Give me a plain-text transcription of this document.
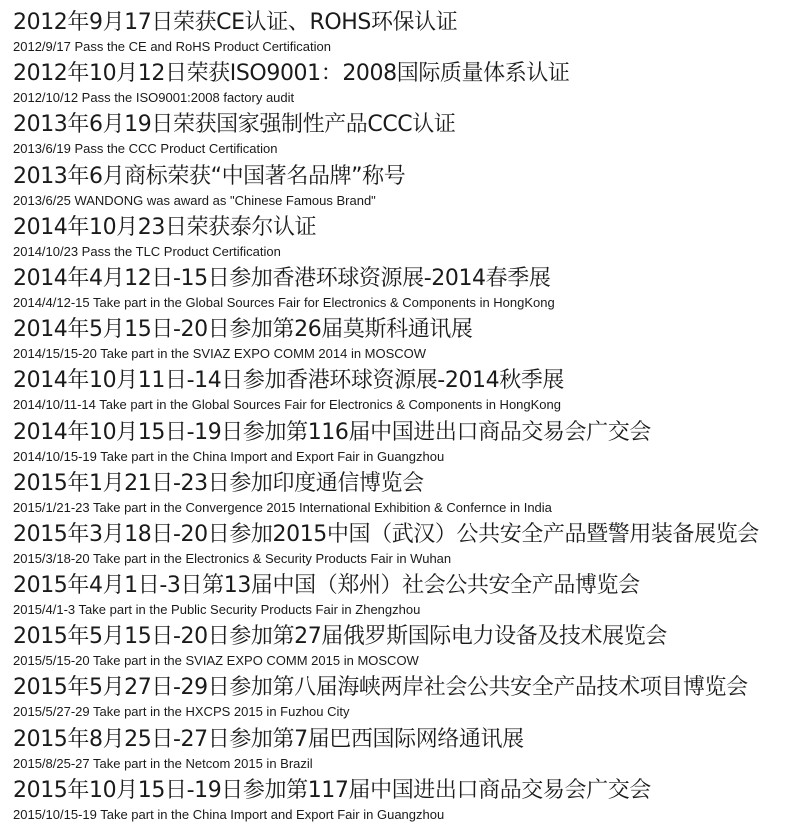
2012年9月17日荣获CE认证、ROHS环保认证
2012/9/17 Pass the CE and RoHS Product Certification
2012年10月12日荣获ISO9001：2008国际质量体系认证
2012/10/12 Pass the ISO9001:2008 factory audit
2013年6月19日荣获国家强制性产品CCC认证
2013/6/19 Pass the CCC Product Certification
2013年6月商标荣获“中国著名品牌”称号
2013/6/25 WANDONG was award as "Chinese Famous Brand"
2014年10月23日荣获泰尔认证
2014/10/23 Pass the TLC Product Certification
2014年4月12日-15日参加香港环球资源展-2014春季展
2014/4/12-15 Take part in the Global Sources Fair for Electronics & Components in HongKong
2014年5月15日-20日参加第26届莫斯科通讯展
2014/15/15-20 Take part in the SVIAZ EXPO COMM 2014 in MOSCOW
2014年10月11日-14日参加香港环球资源展-2014秋季展
2014/10/11-14 Take part in the Global Sources Fair for Electronics & Components in HongKong
2014年10月15日-19日参加第116届中国进出口商品交易会广交会
2014/10/15-19 Take part in the China Import and Export Fair in Guangzhou
2015年1月21日-23日参加印度通信博览会
2015/1/21-23 Take part in the Convergence 2015 International Exhibition & Confernce in India
2015年3月18日-20日参加2015中国（武汉）公共安全产品暨警用装备展览会
2015/3/18-20 Take part in the Electronics & Security Products Fair in Wuhan
2015年4月1日-3日第13届中国（郑州）社会公共安全产品博览会
2015/4/1-3 Take part in the Public Security Products Fair in Zhengzhou
2015年5月15日-20日参加第27届俄罗斯国际电力设备及技术展览会
2015/5/15-20 Take part in the SVIAZ EXPO COMM 2015 in MOSCOW
2015年5月27日-29日参加第八届海峡两岸社会公共安全产品技术项目博览会
2015/5/27-29 Take part in the HXCPS 2015 in Fuzhou City
2015年8月25日-27日参加第7届巴西国际网络通讯展
2015/8/25-27 Take part in the Netcom 2015 in Brazil
2015年10月15日-19日参加第117届中国进出口商品交易会广交会
2015/10/15-19 Take part in the China Import and Export Fair in Guangzhou
